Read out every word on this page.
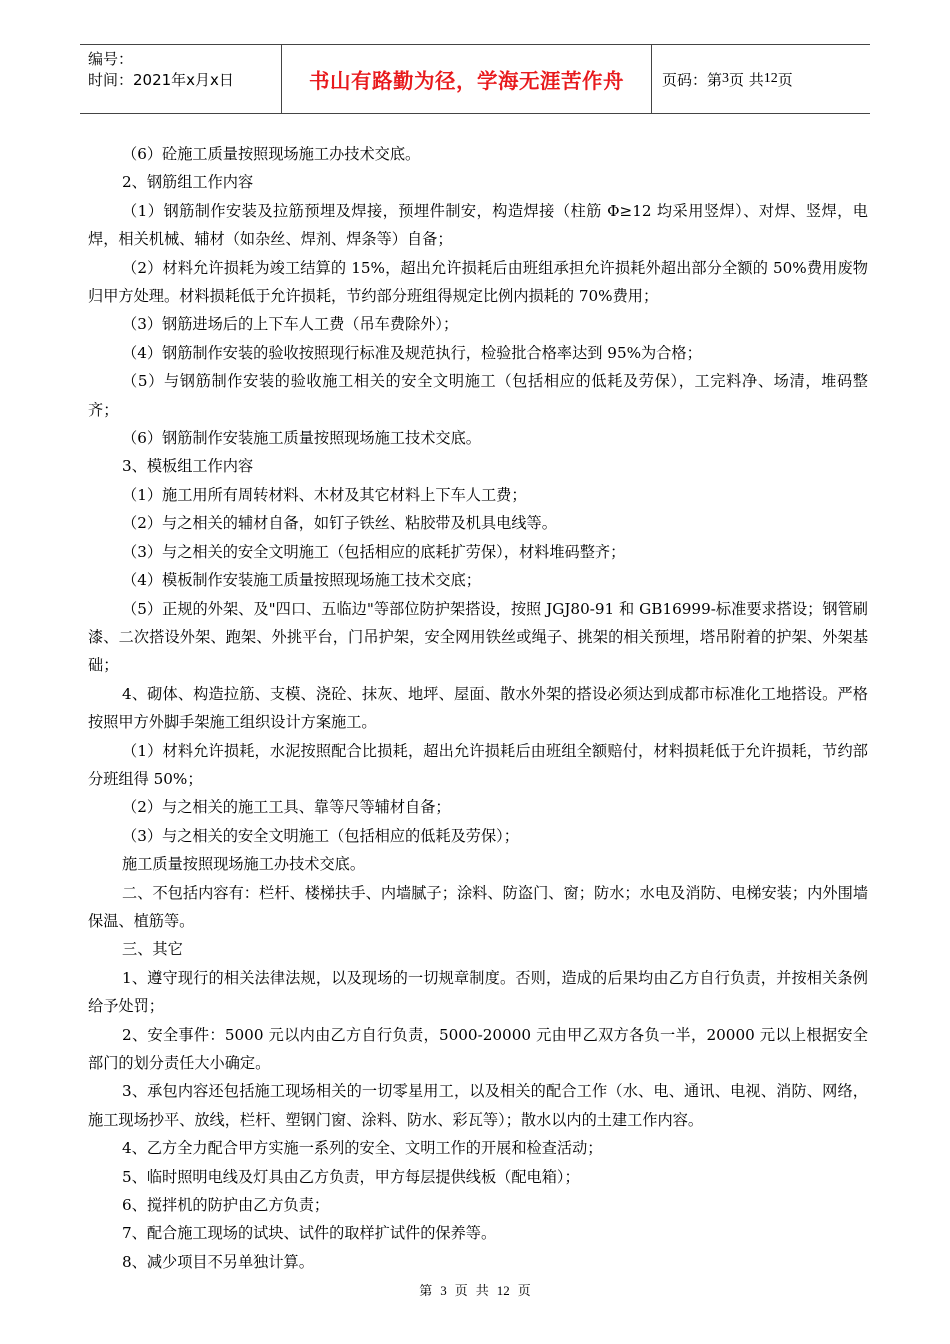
编号：
时间：2021年x月x日	书山有路勤为径，学海无涯苦作舟	页码：第 3 页 共 12 页

（6）砼施工质量按照现场施工办技术交底。

2、钢筋组工作内容

（1）钢筋制作安装及拉筋预埋及焊接，预埋件制安，构造焊接（柱筋 Φ≥12 均采用竖焊）、对焊、竖焊，电焊，相关机械、辅材（如杂丝、焊剂、焊条等）自备；

（2）材料允许损耗为竣工结算的 15%，超出允许损耗后由班组承担允许损耗外超出部分全额的 50%费用废物归甲方处理。材料损耗低于允许损耗，节约部分班组得规定比例内损耗的 70%费用；

（3）钢筋进场后的上下车人工费（吊车费除外）；

（4）钢筋制作安装的验收按照现行标准及规范执行，检验批合格率达到 95%为合格；

（5）与钢筋制作安装的验收施工相关的安全文明施工（包括相应的低耗及劳保），工完料净、场清，堆码整齐；

（6）钢筋制作安装施工质量按照现场施工技术交底。

3、模板组工作内容

（1）施工用所有周转材料、木材及其它材料上下车人工费；

（2）与之相关的辅材自备，如钉子铁丝、粘胶带及机具电线等。

（3）与之相关的安全文明施工（包括相应的底耗扩劳保），材料堆码整齐；

（4）模板制作安装施工质量按照现场施工技术交底；

（5）正规的外架、及"四口、五临边"等部位防护架搭设，按照 JGJ80-91 和 GB16999-标准要求搭设；钢管刷漆、二次搭设外架、跑架、外挑平台，门吊护架，安全网用铁丝或绳子、挑架的相关预埋，塔吊附着的护架、外架基础；

4、砌体、构造拉筋、支模、浇砼、抹灰、地坪、屋面、散水外架的搭设必须达到成都市标准化工地搭设。严格按照甲方外脚手架施工组织设计方案施工。

（1）材料允许损耗，水泥按照配合比损耗，超出允许损耗后由班组全额赔付，材料损耗低于允许损耗，节约部分班组得 50%；

（2）与之相关的施工工具、靠等尺等辅材自备；

（3）与之相关的安全文明施工（包括相应的低耗及劳保）；

施工质量按照现场施工办技术交底。

二、不包括内容有：栏杆、楼梯扶手、内墙腻子；涂料、防盗门、窗；防水；水电及消防、电梯安装；内外围墙保温、植筋等。

三、其它

1、遵守现行的相关法律法规，以及现场的一切规章制度。否则，造成的后果均由乙方自行负责，并按相关条例给予处罚；

2、安全事件：5000 元以内由乙方自行负责，5000-20000 元由甲乙双方各负一半，20000 元以上根据安全部门的划分责任大小确定。

3、承包内容还包括施工现场相关的一切零星用工，以及相关的配合工作（水、电、通讯、电视、消防、网络，施工现场抄平、放线，栏杆、塑钢门窗、涂料、防水、彩瓦等）；散水以内的土建工作内容。

4、乙方全力配合甲方实施一系列的安全、文明工作的开展和检查活动；

5、临时照明电线及灯具由乙方负责，甲方每层提供线板（配电箱）；

6、搅拌机的防护由乙方负责；

7、配合施工现场的试块、试件的取样扩试件的保养等。

8、减少项目不另单独计算。

第 3 页 共 12 页
